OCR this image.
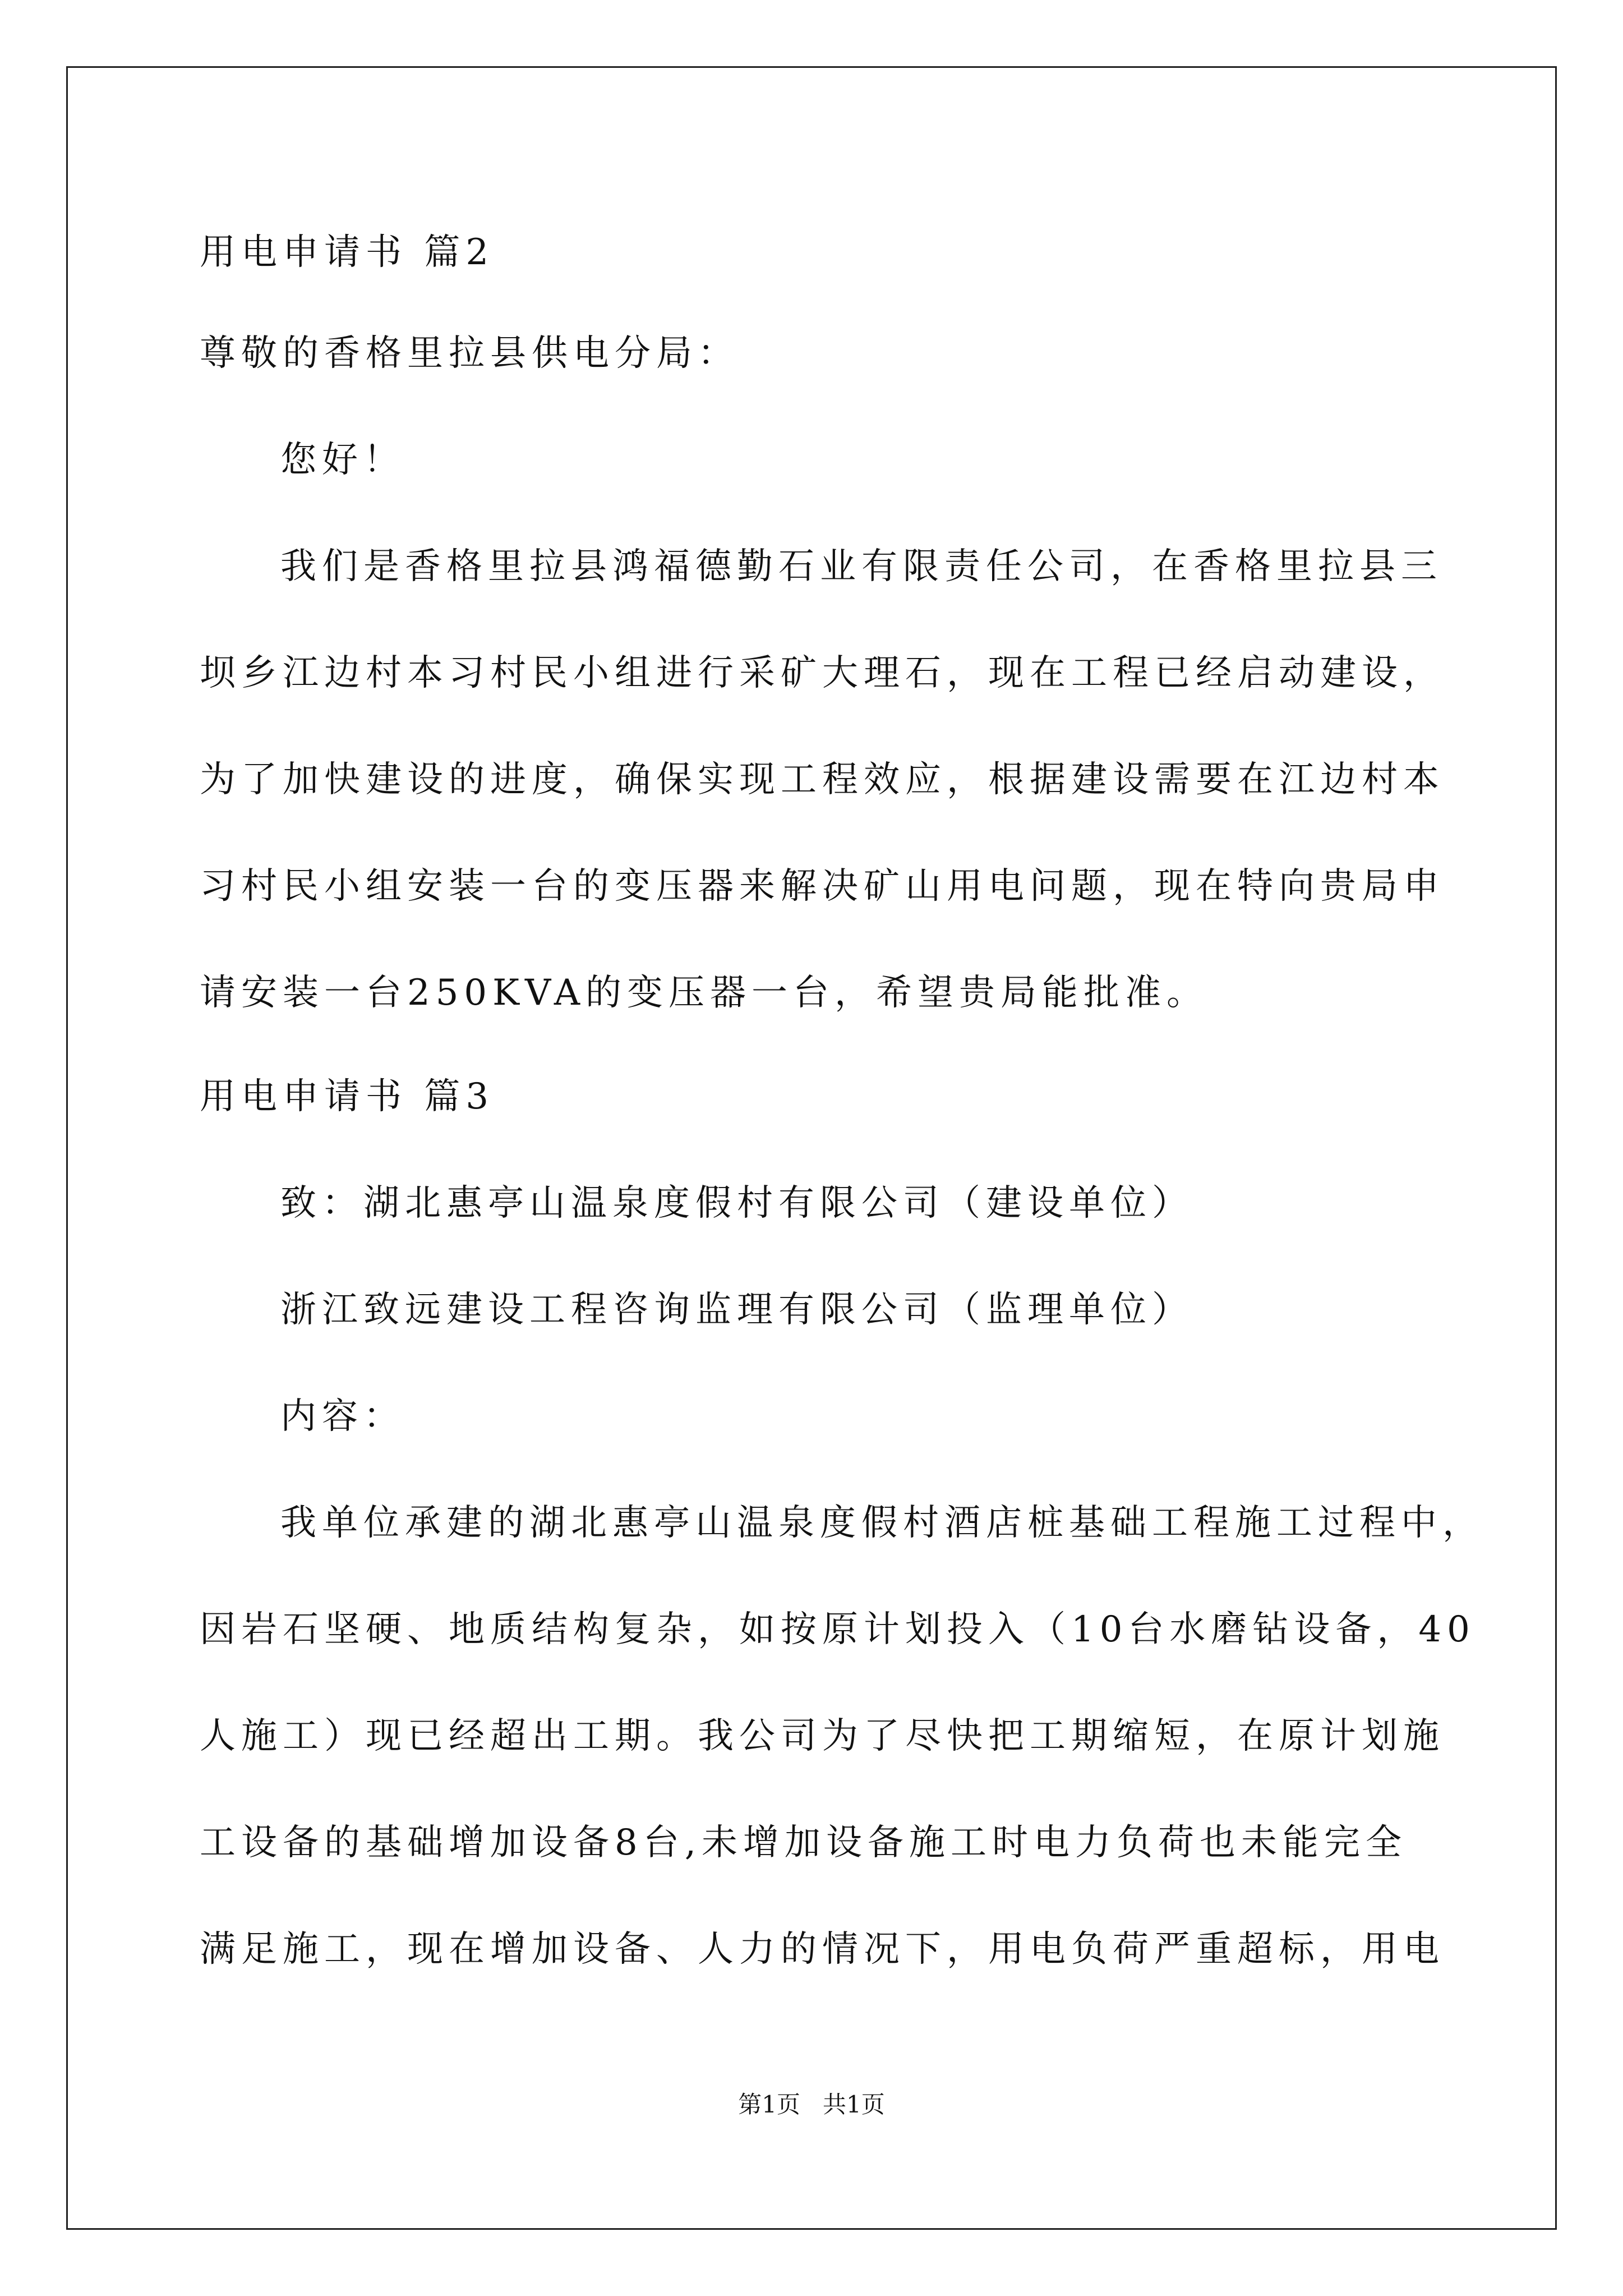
用电申请书 篇2
尊敬的香格里拉县供电分局：
您好！
我们是香格里拉县鸿福德勤石业有限责任公司，在香格里拉县三
坝乡江边村本习村民小组进行采矿大理石，现在工程已经启动建设，
为了加快建设的进度，确保实现工程效应，根据建设需要在江边村本
习村民小组安装一台的变压器来解决矿山用电问题，现在特向贵局申
请安装一台250KVA的变压器一台，希望贵局能批准。
用电申请书 篇3
致：湖北惠亭山温泉度假村有限公司（建设单位）
浙江致远建设工程咨询监理有限公司（监理单位）
内容：
我单位承建的湖北惠亭山温泉度假村酒店桩基础工程施工过程中，
因岩石坚硬、地质结构复杂，如按原计划投入（10台水磨钻设备，40
人施工）现已经超出工期。我公司为了尽快把工期缩短，在原计划施
工设备的基础增加设备8台,未增加设备施工时电力负荷也未能完全
满足施工，现在增加设备、人力的情况下，用电负荷严重超标，用电
第1页   共1页
